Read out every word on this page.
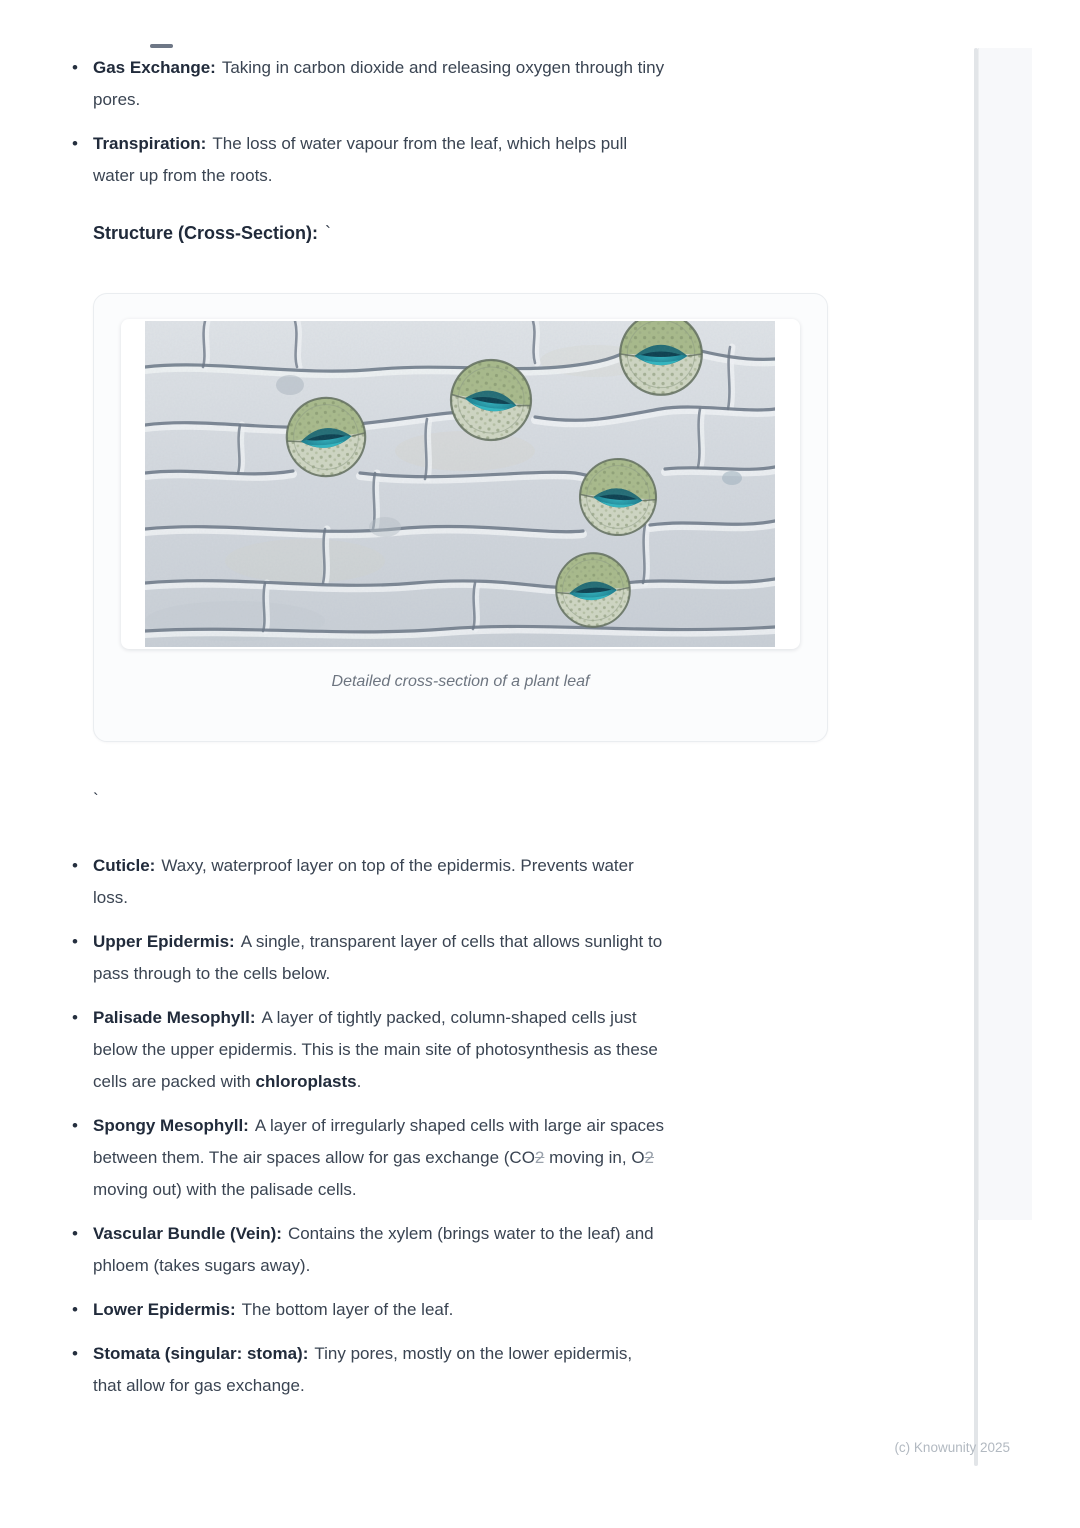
• Gas Exchange: Taking in carbon dioxide and releasing oxygen through tiny
pores.
• Transpiration: The loss of water vapour from the leaf, which helps pull
water up from the roots.
Structure (Cross-Section): `
Detailed cross-section of a plant leaf
`
• Cuticle: Waxy, waterproof layer on top of the epidermis. Prevents water
loss.
• Upper Epidermis: A single, transparent layer of cells that allows sunlight to
pass through to the cells below.
• Palisade Mesophyll: A layer of tightly packed, column-shaped cells just
below the upper epidermis. This is the main site of photosynthesis as these
cells are packed with chloroplasts.
• Spongy Mesophyll: A layer of irregularly shaped cells with large air spaces
between them. The air spaces allow for gas exchange (CO2 moving in, O2
moving out) with the palisade cells.
• Vascular Bundle (Vein): Contains the xylem (brings water to the leaf) and
phloem (takes sugars away).
• Lower Epidermis: The bottom layer of the leaf.
• Stomata (singular: stoma): Tiny pores, mostly on the lower epidermis,
that allow for gas exchange.
(c) Knowunity 2025
